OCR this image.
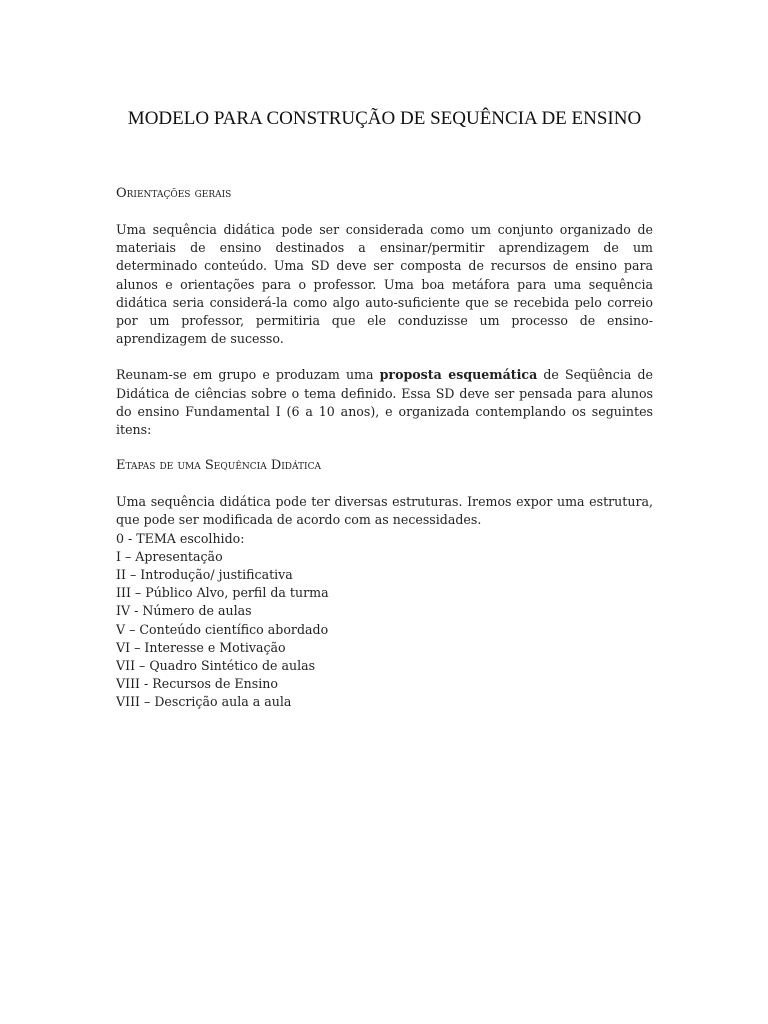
MODELO PARA CONSTRUÇÃO DE SEQUÊNCIA DE ENSINO
Orientações gerais

Uma sequência didática pode ser considerada como um conjunto organizado de materiais de ensino destinados a ensinar/permitir aprendizagem de um determinado conteúdo. Uma SD deve ser composta de recursos de ensino para alunos e orientações para o professor. Uma boa metáfora para uma sequência didática seria considerá-la como algo auto-suficiente que se recebida pelo correio por um professor, permitiria que ele conduzisse um processo de ensino-aprendizagem de sucesso.

Reunam-se em grupo e produzam uma proposta esquemática de Seqüência de Didática de ciências sobre o tema definido. Essa SD deve ser pensada para alunos do ensino Fundamental I (6 a 10 anos), e organizada contemplando os seguintes itens:

Etapas de uma Sequência Didática

Uma sequência didática pode ter diversas estruturas. Iremos expor uma estrutura, que pode ser modificada de acordo com as necessidades.

0 - TEMA escolhido:
I – Apresentação
II – Introdução/ justificativa
III – Público Alvo, perfil da turma
IV - Número de aulas
V – Conteúdo científico abordado
VI – Interesse e Motivação
VII – Quadro Sintético de aulas
VIII - Recursos de Ensino
VIII – Descrição aula a aula
